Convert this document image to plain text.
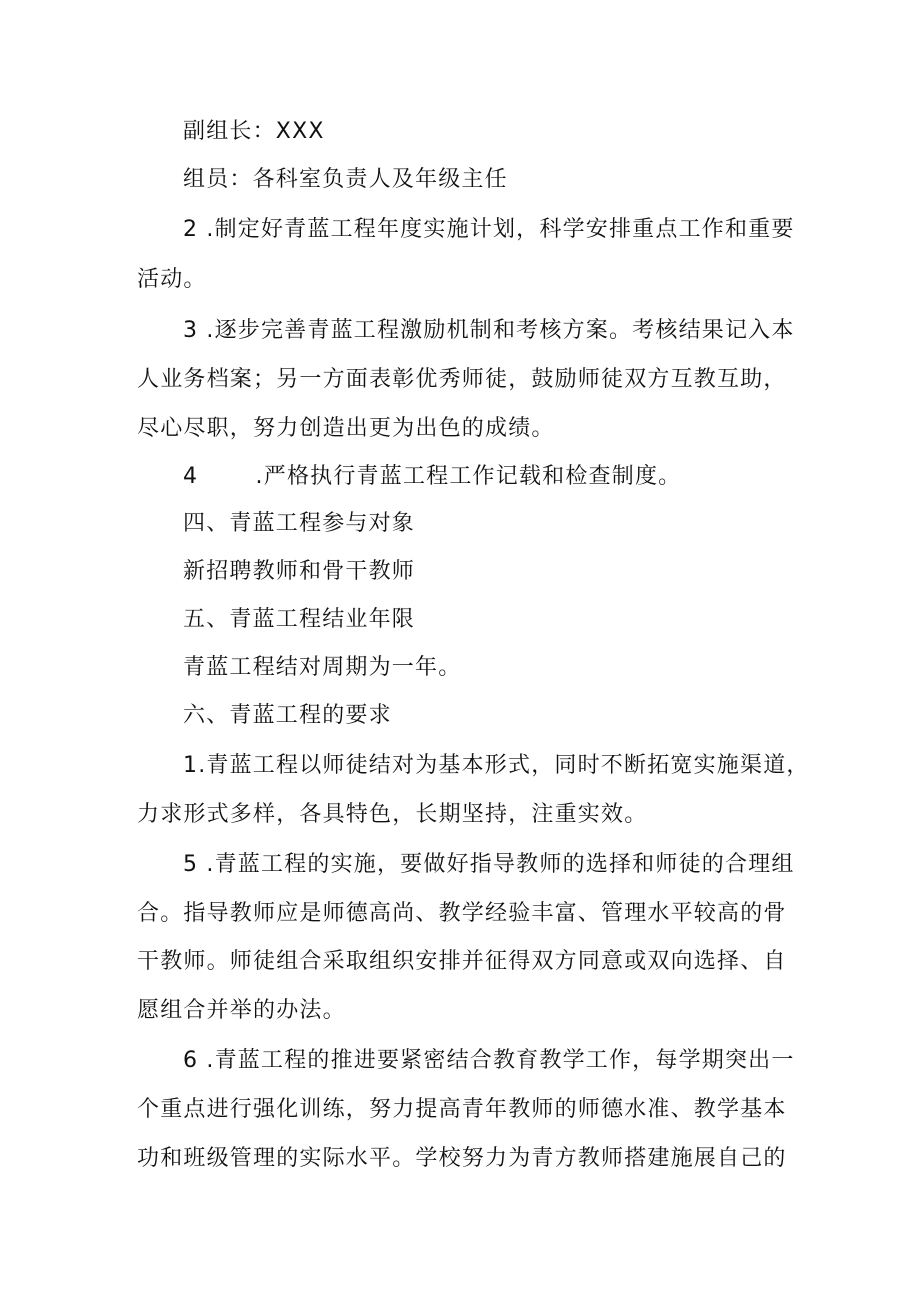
副组长：XXX
组员：各科室负责人及年级主任
2 .制定好青蓝工程年度实施计划，科学安排重点工作和重要
活动。
3 .逐步完善青蓝工程激励机制和考核方案。考核结果记入本
人业务档案；另一方面表彰优秀师徒，鼓励师徒双方互教互助，
尽心尽职，努力创造出更为出色的成绩。
4       .严格执行青蓝工程工作记载和检查制度。
四、青蓝工程参与对象
新招聘教师和骨干教师
五、青蓝工程结业年限
青蓝工程结对周期为一年。
六、青蓝工程的要求
1.青蓝工程以师徒结对为基本形式，同时不断拓宽实施渠道，
力求形式多样，各具特色，长期坚持，注重实效。
5 .青蓝工程的实施，要做好指导教师的选择和师徒的合理组
合。指导教师应是师德高尚、教学经验丰富、管理水平较高的骨
干教师。师徒组合采取组织安排并征得双方同意或双向选择、自
愿组合并举的办法。
6 .青蓝工程的推进要紧密结合教育教学工作，每学期突出一
个重点进行强化训练，努力提高青年教师的师德水准、教学基本
功和班级管理的实际水平。学校努力为青方教师搭建施展自己的
